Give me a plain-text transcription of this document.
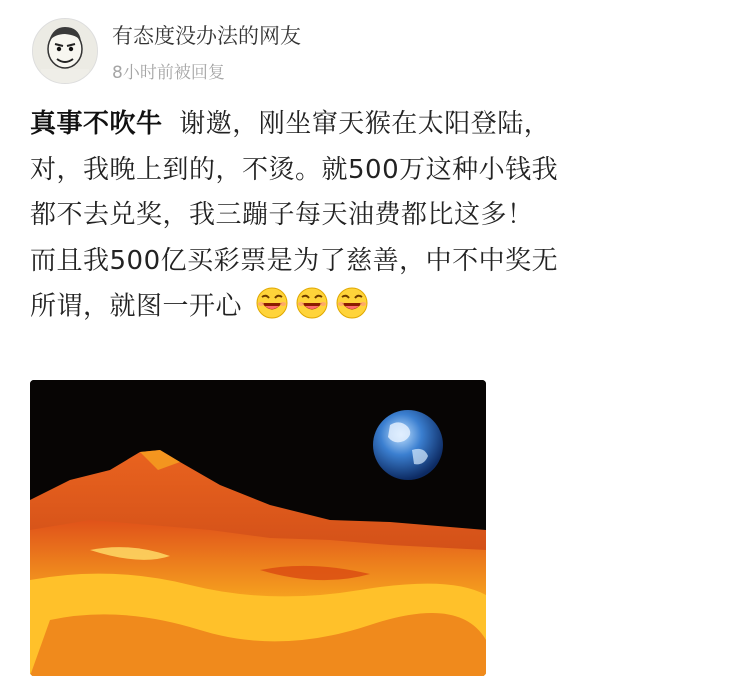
有态度没办法的网友
8小时前被回复
真事不吹牛 谢邀，刚坐窜天猴在太阳登陆，
对，我晚上到的，不烫。就500万这种小钱我
都不去兑奖，我三蹦子每天油费都比这多！
而且我500亿买彩票是为了慈善，中不中奖无
所谓，就图一开心
